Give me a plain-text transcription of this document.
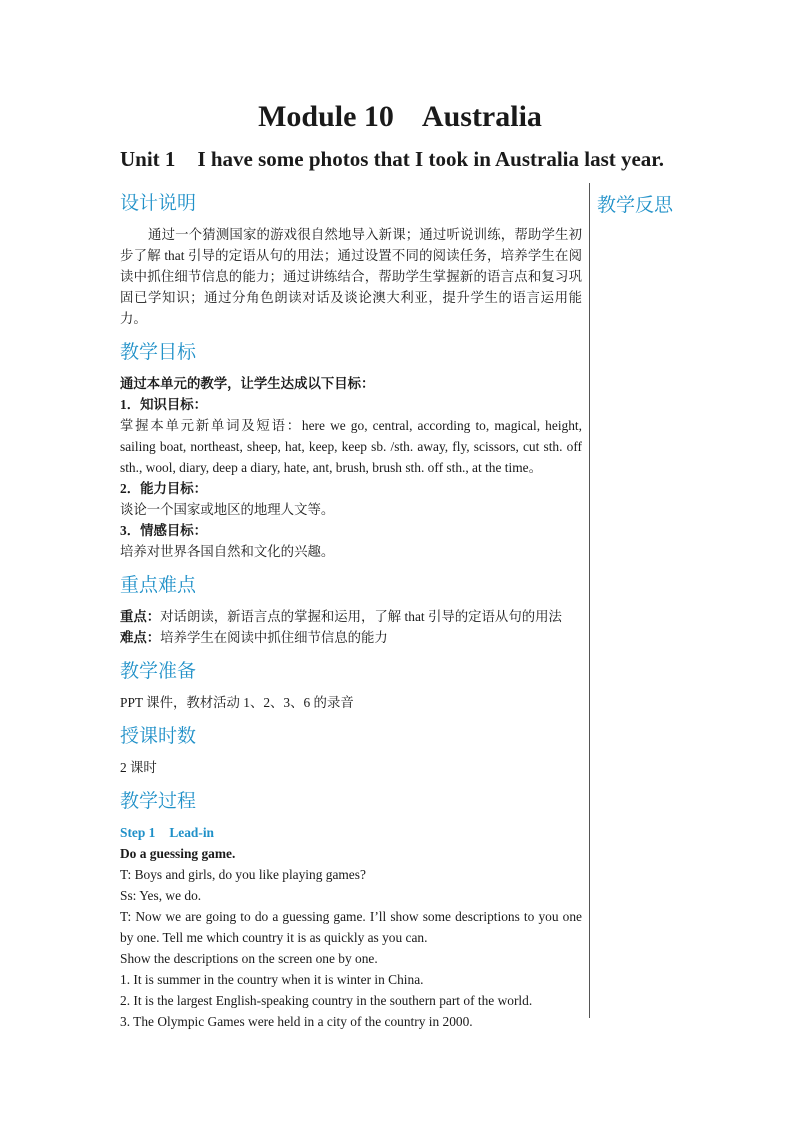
Module 10 Australia
Unit 1 I have some photos that I took in Australia last year.
教学反思
设计说明

通过一个猜测国家的游戏很自然地导入新课；通过听说训练，帮助学生初步了解 that 引导的定语从句的用法；通过设置不同的阅读任务，培养学生在阅读中抓住细节信息的能力；通过讲练结合，帮助学生掌握新的语言点和复习巩固已学知识；通过分角色朗读对话及谈论澳大利亚，提升学生的语言运用能力。

教学目标

通过本单元的教学，让学生达成以下目标：

1．知识目标：

掌握本单元新单词及短语：here we go, central, according to, magical, height, sailing boat, northeast, sheep, hat, keep, keep sb. /sth. away, fly, scissors, cut sth. off sth., wool, diary, deep a diary, hate, ant, brush, brush sth. off sth., at the time。

2．能力目标：

谈论一个国家或地区的地理人文等。

3．情感目标：

培养对世界各国自然和文化的兴趣。

重点难点

重点：对话朗读，新语言点的掌握和运用，了解 that 引导的定语从句的用法

难点：培养学生在阅读中抓住细节信息的能力

教学准备

PPT 课件，教材活动 1、2、3、6 的录音

授课时数

2 课时

教学过程

Step 1 Lead-in

Do a guessing game.

T: Boys and girls, do you like playing games?

Ss: Yes, we do.

T: Now we are going to do a guessing game. I’ll show some descriptions to you one by one. Tell me which country it is as quickly as you can.

Show the descriptions on the screen one by one.

1. It is summer in the country when it is winter in China.

2. It is the largest English-speaking country in the southern part of the world.

3. The Olympic Games were held in a city of the country in 2000.
